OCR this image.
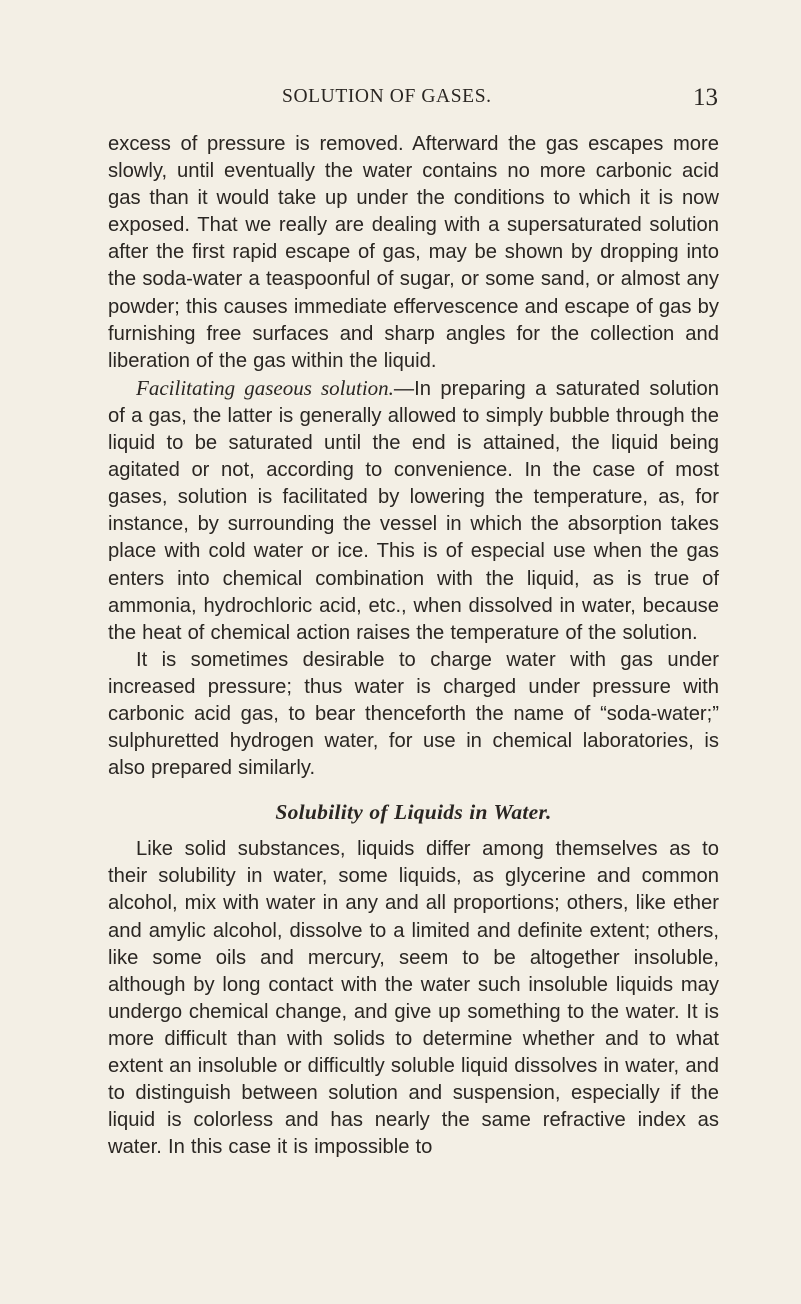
SOLUTION OF GASES.	13

excess of pressure is removed. Afterward the gas escapes more slowly, until eventually the water contains no more carbonic acid gas than it would take up under the conditions to which it is now exposed. That we really are dealing with a supersaturated solution after the first rapid escape of gas, may be shown by dropping into the soda-water a teaspoonful of sugar, or some sand, or almost any powder; this causes immediate effervescence and escape of gas by furnishing free surfaces and sharp angles for the collection and liberation of the gas within the liquid.

Facilitating gaseous solution.—In preparing a saturated solution of a gas, the latter is generally allowed to simply bubble through the liquid to be saturated until the end is attained, the liquid being agitated or not, according to convenience. In the case of most gases, solution is facilitated by lowering the temperature, as, for instance, by surrounding the vessel in which the absorption takes place with cold water or ice. This is of especial use when the gas enters into chemical combination with the liquid, as is true of ammonia, hydrochloric acid, etc., when dissolved in water, because the heat of chemical action raises the temperature of the solution.

It is sometimes desirable to charge water with gas under increased pressure; thus water is charged under pressure with carbonic acid gas, to bear thenceforth the name of “soda-water;” sulphuretted hydrogen water, for use in chemical laboratories, is also prepared similarly.

Solubility of Liquids in Water.

Like solid substances, liquids differ among themselves as to their solubility in water, some liquids, as glycerine and common alcohol, mix with water in any and all proportions; others, like ether and amylic alcohol, dissolve to a limited and definite extent; others, like some oils and mercury, seem to be altogether insoluble, although by long contact with the water such insoluble liquids may undergo chemical change, and give up something to the water. It is more difficult than with solids to determine whether and to what extent an insoluble or difficultly soluble liquid dissolves in water, and to distinguish between solution and suspension, especially if the liquid is colorless and has nearly the same refractive index as water. In this case it is impossible to
